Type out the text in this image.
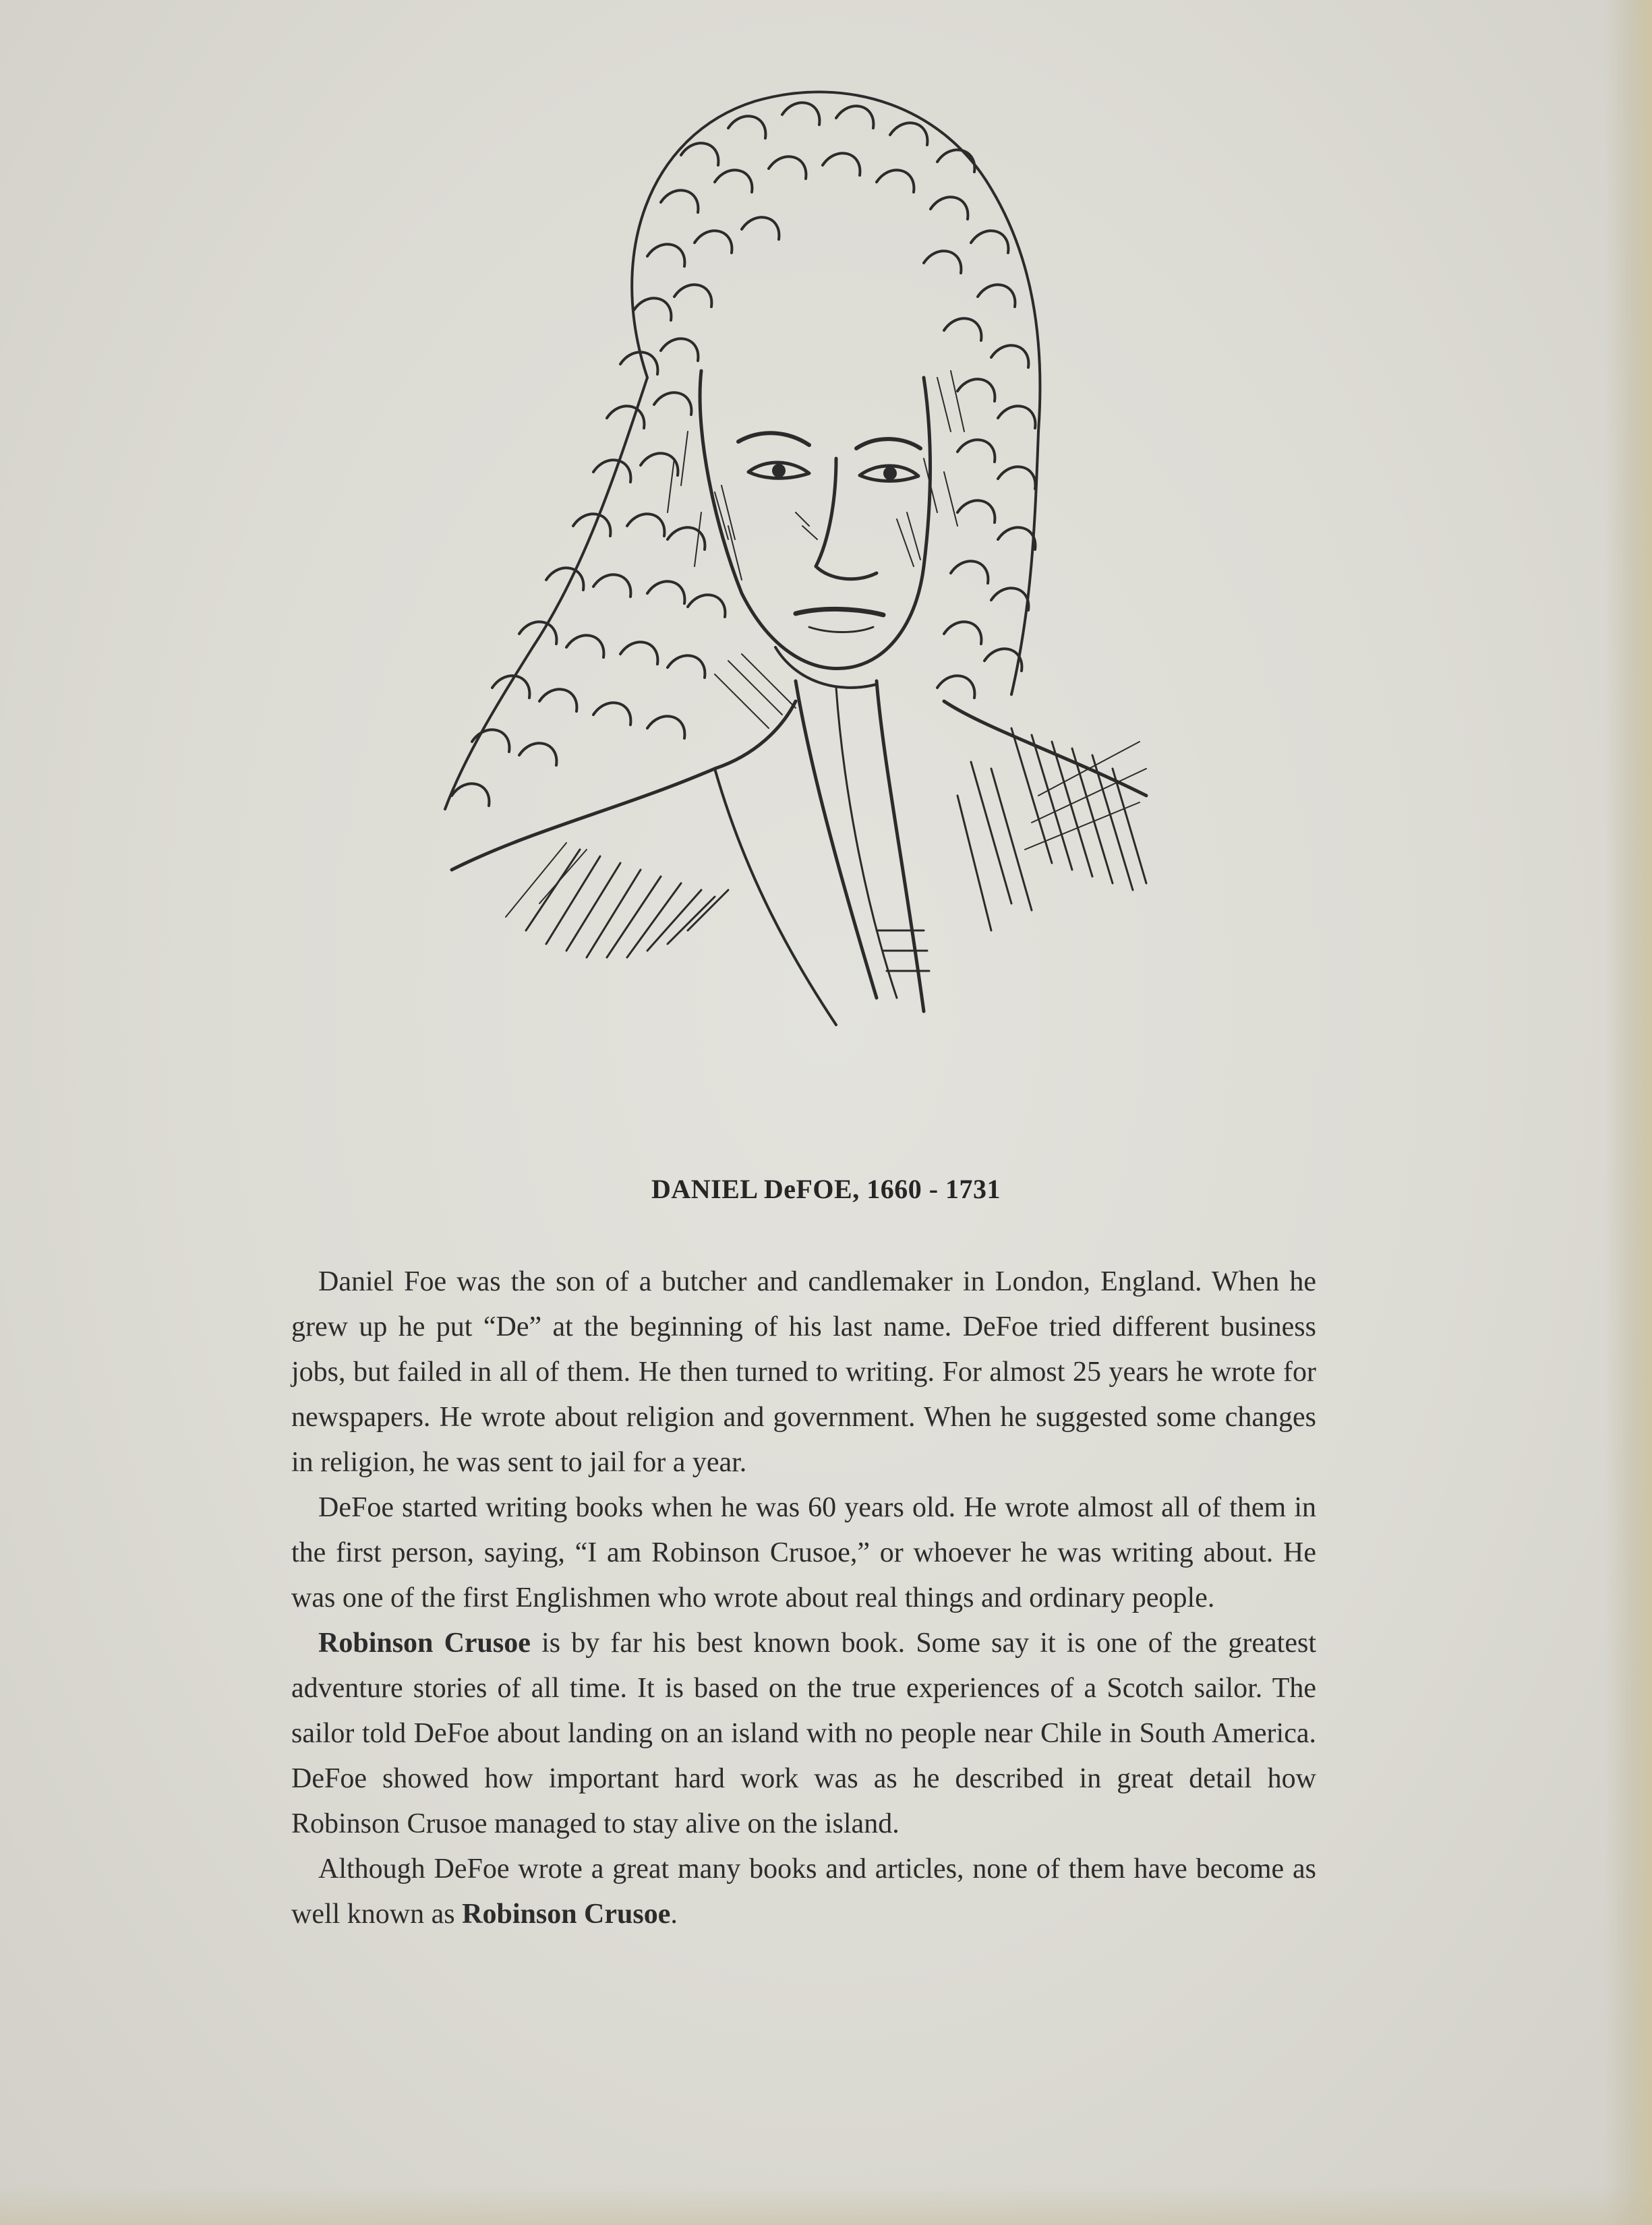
DANIEL DeFOE, 1660 - 1731

Daniel Foe was the son of a butcher and candlemaker in London, England. When he grew up he put “De” at the beginning of his last name. DeFoe tried different business jobs, but failed in all of them. He then turned to writing. For almost 25 years he wrote for newspapers. He wrote about religion and government. When he suggested some changes in religion, he was sent to jail for a year.

DeFoe started writing books when he was 60 years old. He wrote almost all of them in the first person, saying, “I am Robinson Crusoe,” or whoever he was writing about. He was one of the first Englishmen who wrote about real things and ordinary people.

Robinson Crusoe is by far his best known book. Some say it is one of the greatest adventure stories of all time. It is based on the true experiences of a Scotch sailor. The sailor told DeFoe about landing on an island with no people near Chile in South America. DeFoe showed how important hard work was as he described in great detail how Robinson Crusoe managed to stay alive on the island.

Although DeFoe wrote a great many books and articles, none of them have become as well known as Robinson Crusoe.
